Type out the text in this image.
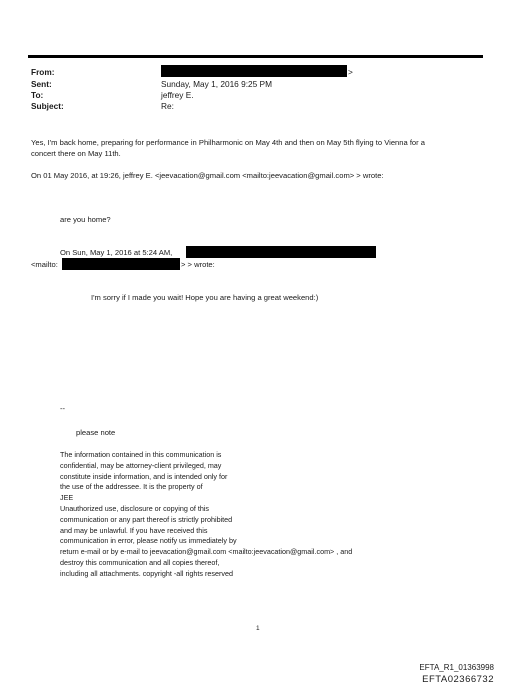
From:	>
Sent:	Sunday, May 1, 2016 9:25 PM
To:	jeffrey E.
Subject:	Re:
Yes, I'm back home, preparing for performance in Philharmonic on May 4th and then on May 5th flying to Vienna for a
concert there on May 11th.
On 01 May 2016, at 19:26, jeffrey E. <jeevacation@gmail.com <mailto:jeevacation@gmail.com> > wrote:
are you home?
On Sun, May 1, 2016 at 5:24 AM,
<mailto:	> > wrote:
I'm sorry if I made you wait! Hope you are having a great weekend:)
--
please note
The information contained in this communication is
confidential, may be attorney-client privileged, may
constitute inside information, and is intended only for
the use of the addressee. It is the property of
JEE
Unauthorized use, disclosure or copying of this
communication or any part thereof is strictly prohibited
and may be unlawful. If you have received this
communication in error, please notify us immediately by
return e-mail or by e-mail to jeevacation@gmail.com <mailto:jeevacation@gmail.com> , and
destroy this communication and all copies thereof,
including all attachments. copyright -all rights reserved
1
EFTA_R1_01363998
EFTA02366732
